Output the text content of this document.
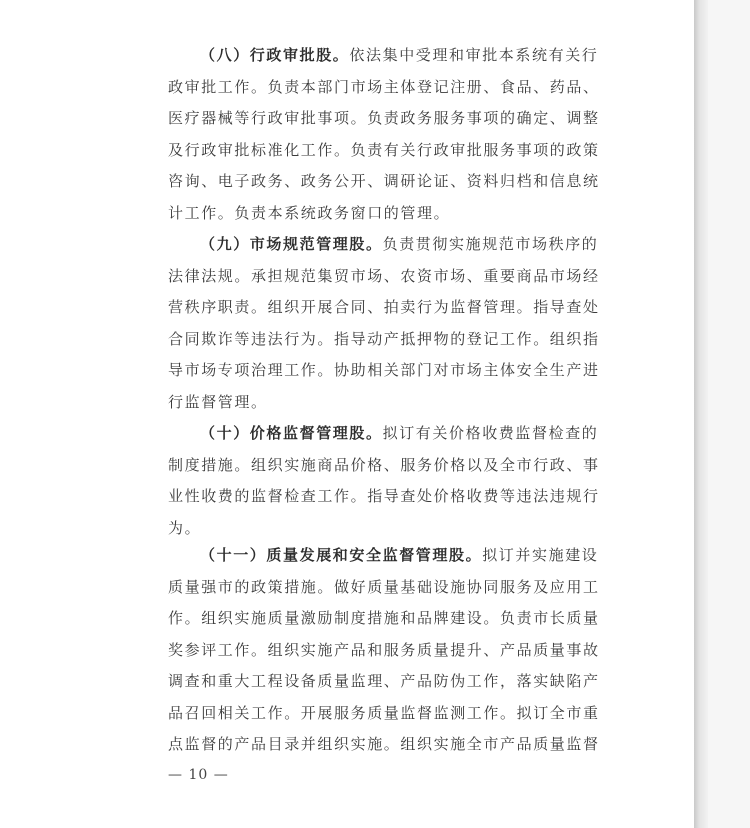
（八）行政审批股。依法集中受理和审批本系统有关行
政审批工作。负责本部门市场主体登记注册、食品、药品、
医疗器械等行政审批事项。负责政务服务事项的确定、调整
及行政审批标准化工作。负责有关行政审批服务事项的政策
咨询、电子政务、政务公开、调研论证、资料归档和信息统
计工作。负责本系统政务窗口的管理。
（九）市场规范管理股。负责贯彻实施规范市场秩序的
法律法规。承担规范集贸市场、农资市场、重要商品市场经
营秩序职责。组织开展合同、拍卖行为监督管理。指导查处
合同欺诈等违法行为。指导动产抵押物的登记工作。组织指
导市场专项治理工作。协助相关部门对市场主体安全生产进
行监督管理。
（十）价格监督管理股。拟订有关价格收费监督检查的
制度措施。组织实施商品价格、服务价格以及全市行政、事
业性收费的监督检查工作。指导查处价格收费等违法违规行
为。
（十一）质量发展和安全监督管理股。拟订并实施建设
质量强市的政策措施。做好质量基础设施协同服务及应用工
作。组织实施质量激励制度措施和品牌建设。负责市长质量
奖参评工作。组织实施产品和服务质量提升、产品质量事故
调查和重大工程设备质量监理、产品防伪工作，落实缺陷产
品召回相关工作。开展服务质量监督监测工作。拟订全市重
点监督的产品目录并组织实施。组织实施全市产品质量监督
— 10 —
